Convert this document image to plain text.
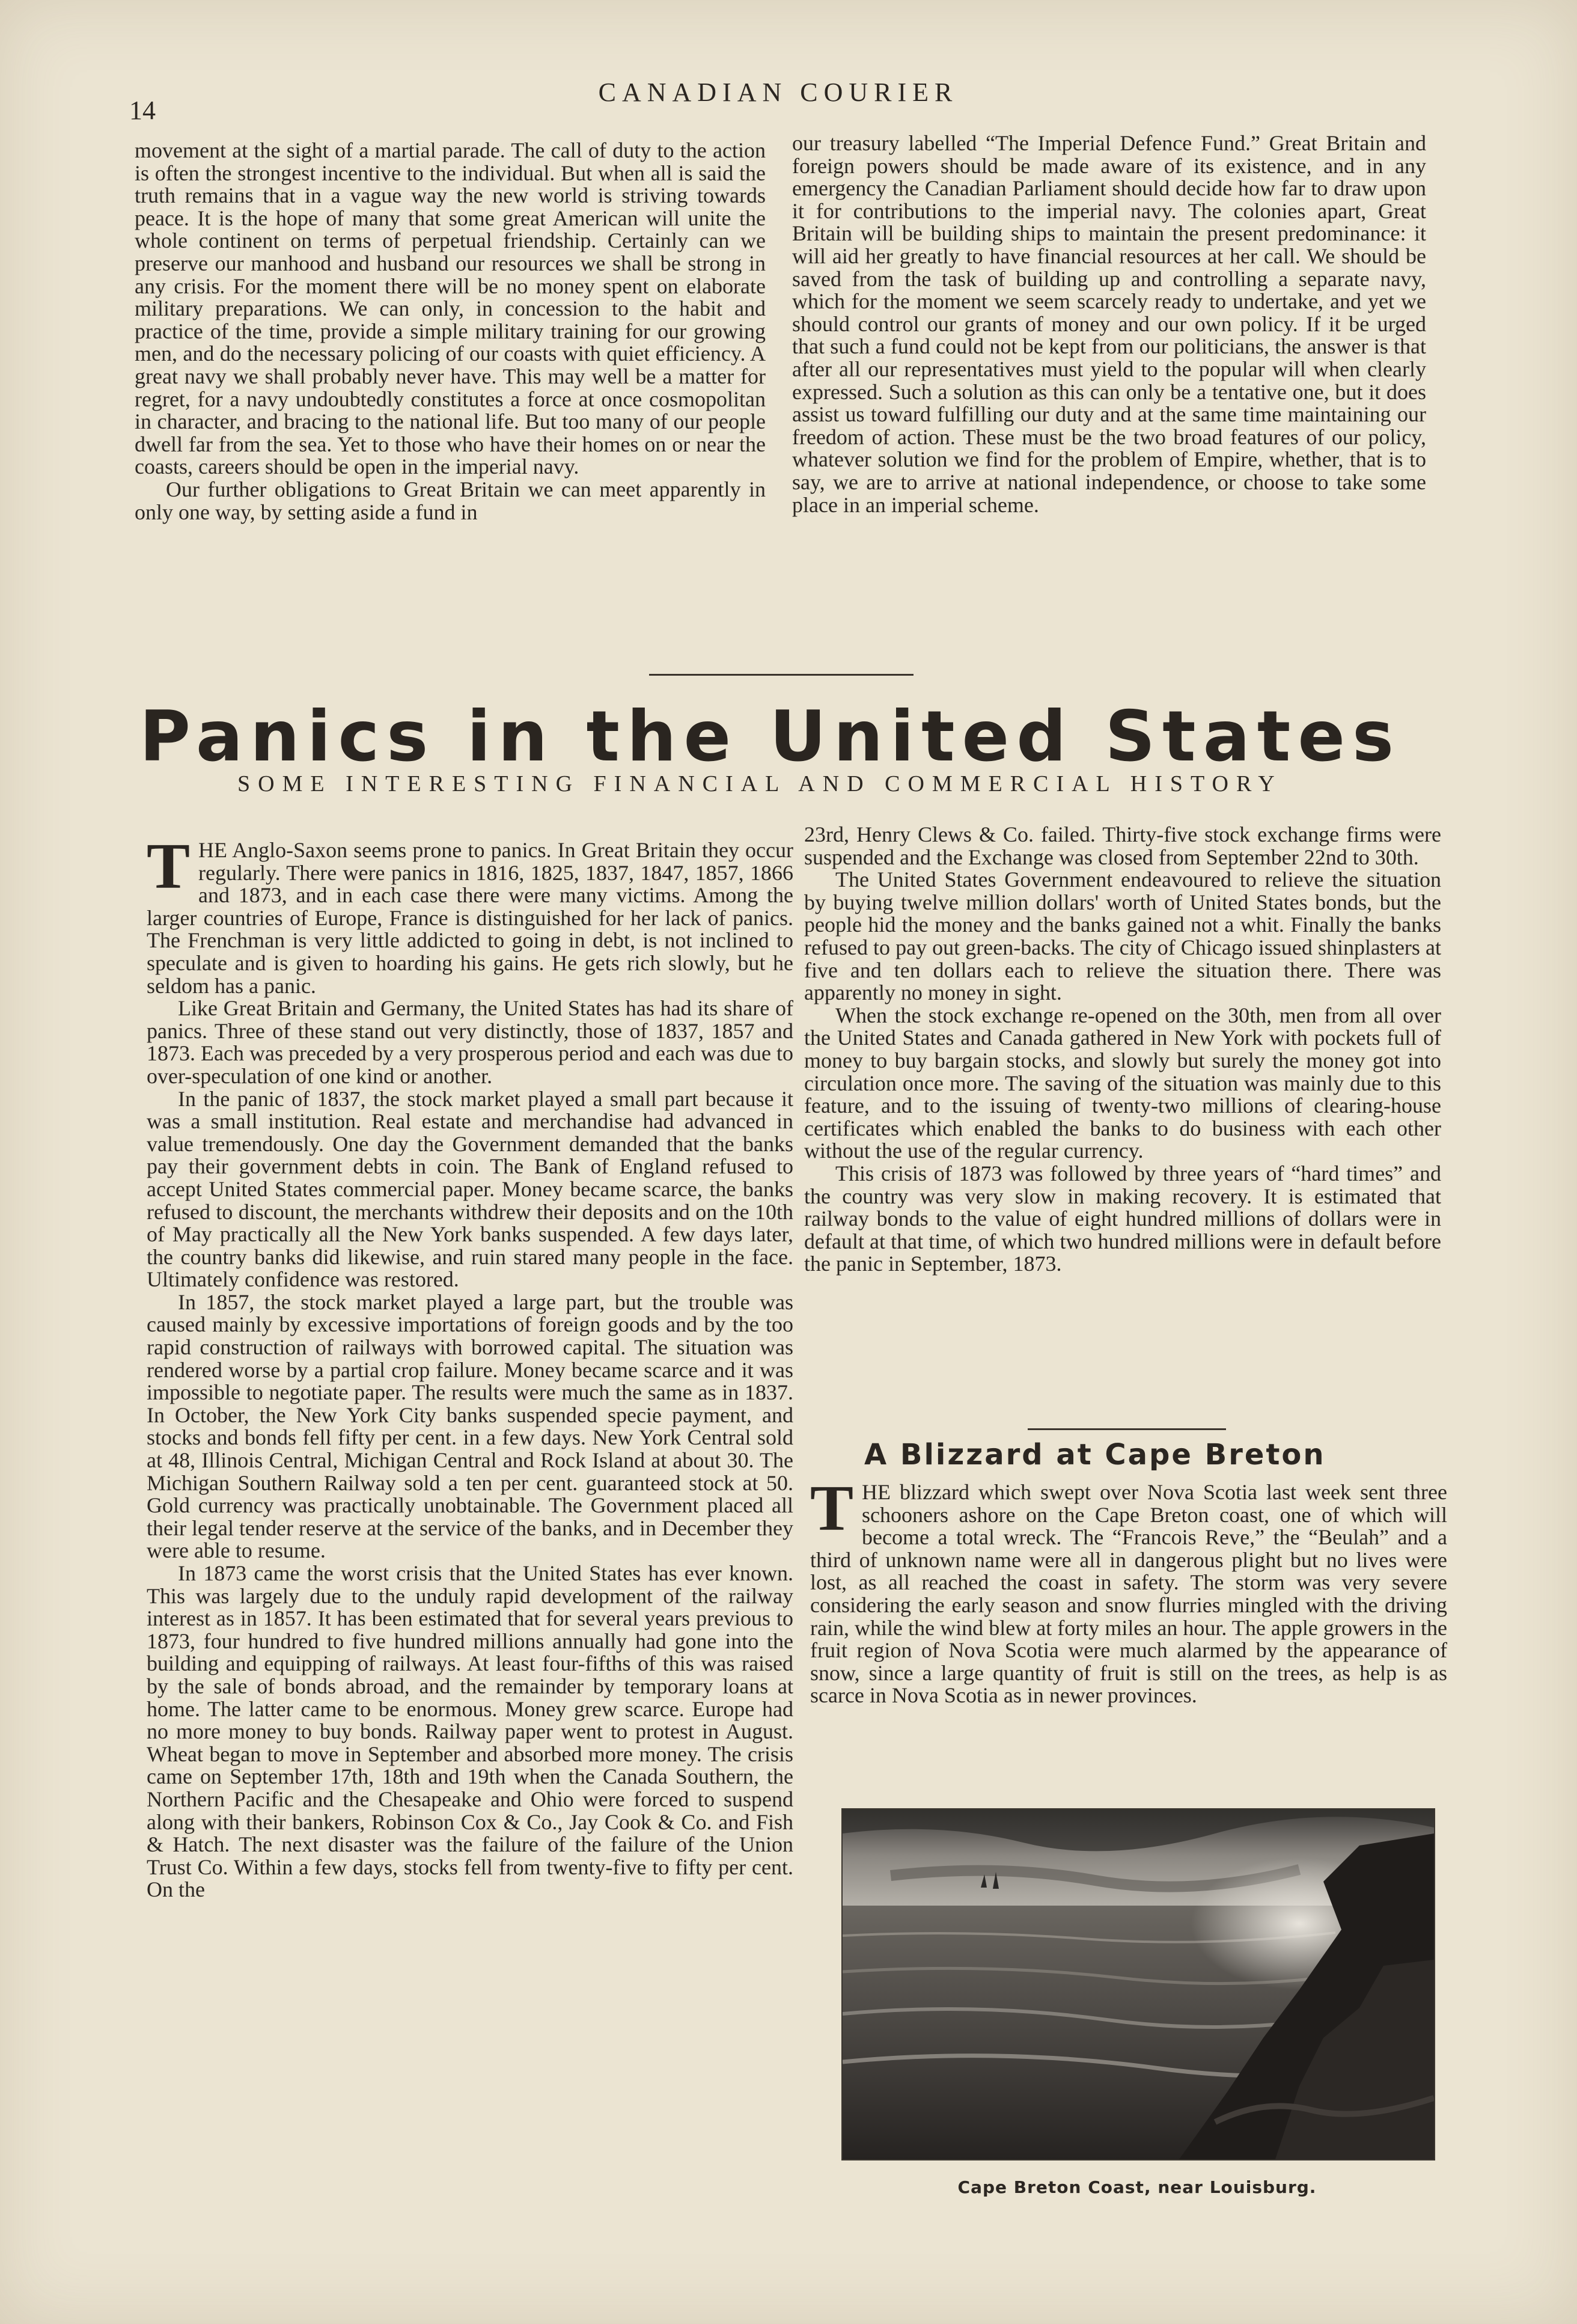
14
CANADIAN COURIER

movement at the sight of a martial parade. The call of duty to the action is often the strongest incentive to the individual. But when all is said the truth remains that in a vague way the new world is striving towards peace. It is the hope of many that some great American will unite the whole continent on terms of perpetual friendship. Certainly can we preserve our manhood and husband our resources we shall be strong in any crisis. For the moment there will be no money spent on elaborate military preparations. We can only, in concession to the habit and practice of the time, provide a simple military training for our growing men, and do the necessary policing of our coasts with quiet efficiency. A great navy we shall probably never have. This may well be a matter for regret, for a navy undoubtedly constitutes a force at once cosmopolitan in character, and bracing to the national life. But too many of our people dwell far from the sea. Yet to those who have their homes on or near the coasts, careers should be open in the imperial navy.

Our further obligations to Great Britain we can meet apparently in only one way, by setting aside a fund in

our treasury labelled “The Imperial Defence Fund.” Great Britain and foreign powers should be made aware of its existence, and in any emergency the Canadian Parliament should decide how far to draw upon it for contributions to the imperial navy. The colonies apart, Great Britain will be building ships to maintain the present predominance: it will aid her greatly to have financial resources at her call. We should be saved from the task of building up and controlling a separate navy, which for the moment we seem scarcely ready to undertake, and yet we should control our grants of money and our own policy. If it be urged that such a fund could not be kept from our politicians, the answer is that after all our representatives must yield to the popular will when clearly expressed. Such a solution as this can only be a tentative one, but it does assist us toward fulfilling our duty and at the same time maintaining our freedom of action. These must be the two broad features of our policy, whatever solution we find for the problem of Empire, whether, that is to say, we are to arrive at national independence, or choose to take some place in an imperial scheme.

Panics in the United States
SOME INTERESTING FINANCIAL AND COMMERCIAL HISTORY

THE Anglo-Saxon seems prone to panics. In Great Britain they occur regularly. There were panics in 1816, 1825, 1837, 1847, 1857, 1866 and 1873, and in each case there were many victims. Among the larger countries of Europe, France is distinguished for her lack of panics. The Frenchman is very little addicted to going in debt, is not inclined to speculate and is given to hoarding his gains. He gets rich slowly, but he seldom has a panic.

Like Great Britain and Germany, the United States has had its share of panics. Three of these stand out very distinctly, those of 1837, 1857 and 1873. Each was preceded by a very prosperous period and each was due to over-speculation of one kind or another.

In the panic of 1837, the stock market played a small part because it was a small institution. Real estate and merchandise had advanced in value tremendously. One day the Government demanded that the banks pay their government debts in coin. The Bank of England refused to accept United States commercial paper. Money became scarce, the banks refused to discount, the merchants withdrew their deposits and on the 10th of May practically all the New York banks suspended. A few days later, the country banks did likewise, and ruin stared many people in the face. Ultimately confidence was restored.

In 1857, the stock market played a large part, but the trouble was caused mainly by excessive importations of foreign goods and by the too rapid construction of railways with borrowed capital. The situation was rendered worse by a partial crop failure. Money became scarce and it was impossible to negotiate paper. The results were much the same as in 1837. In October, the New York City banks suspended specie payment, and stocks and bonds fell fifty per cent. in a few days. New York Central sold at 48, Illinois Central, Michigan Central and Rock Island at about 30. The Michigan Southern Railway sold a ten per cent. guaranteed stock at 50. Gold currency was practically unobtainable. The Government placed all their legal tender reserve at the service of the banks, and in December they were able to resume.

In 1873 came the worst crisis that the United States has ever known. This was largely due to the unduly rapid development of the railway interest as in 1857. It has been estimated that for several years previous to 1873, four hundred to five hundred millions annually had gone into the building and equipping of railways. At least four-fifths of this was raised by the sale of bonds abroad, and the remainder by temporary loans at home. The latter came to be enormous. Money grew scarce. Europe had no more money to buy bonds. Railway paper went to protest in August. Wheat began to move in September and absorbed more money. The crisis came on September 17th, 18th and 19th when the Canada Southern, the Northern Pacific and the Chesapeake and Ohio were forced to suspend along with their bankers, Robinson Cox & Co., Jay Cook & Co. and Fish & Hatch. The next disaster was the failure of the failure of the Union Trust Co. Within a few days, stocks fell from twenty-five to fifty per cent. On the

23rd, Henry Clews & Co. failed. Thirty-five stock exchange firms were suspended and the Exchange was closed from September 22nd to 30th.

The United States Government endeavoured to relieve the situation by buying twelve million dollars' worth of United States bonds, but the people hid the money and the banks gained not a whit. Finally the banks refused to pay out green-backs. The city of Chicago issued shinplasters at five and ten dollars each to relieve the situation there. There was apparently no money in sight.

When the stock exchange re-opened on the 30th, men from all over the United States and Canada gathered in New York with pockets full of money to buy bargain stocks, and slowly but surely the money got into circulation once more. The saving of the situation was mainly due to this feature, and to the issuing of twenty-two millions of clearing-house certificates which enabled the banks to do business with each other without the use of the regular currency.

This crisis of 1873 was followed by three years of “hard times” and the country was very slow in making recovery. It is estimated that railway bonds to the value of eight hundred millions of dollars were in default at that time, of which two hundred millions were in default before the panic in September, 1873.

A Blizzard at Cape Breton

THE blizzard which swept over Nova Scotia last week sent three schooners ashore on the Cape Breton coast, one of which will become a total wreck. The “Francois Reve,” the “Beulah” and a third of unknown name were all in dangerous plight but no lives were lost, as all reached the coast in safety. The storm was very severe considering the early season and snow flurries mingled with the driving rain, while the wind blew at forty miles an hour. The apple growers in the fruit region of Nova Scotia were much alarmed by the appearance of snow, since a large quantity of fruit is still on the trees, as help is as scarce in Nova Scotia as in newer provinces.

Cape Breton Coast, near Louisburg.
